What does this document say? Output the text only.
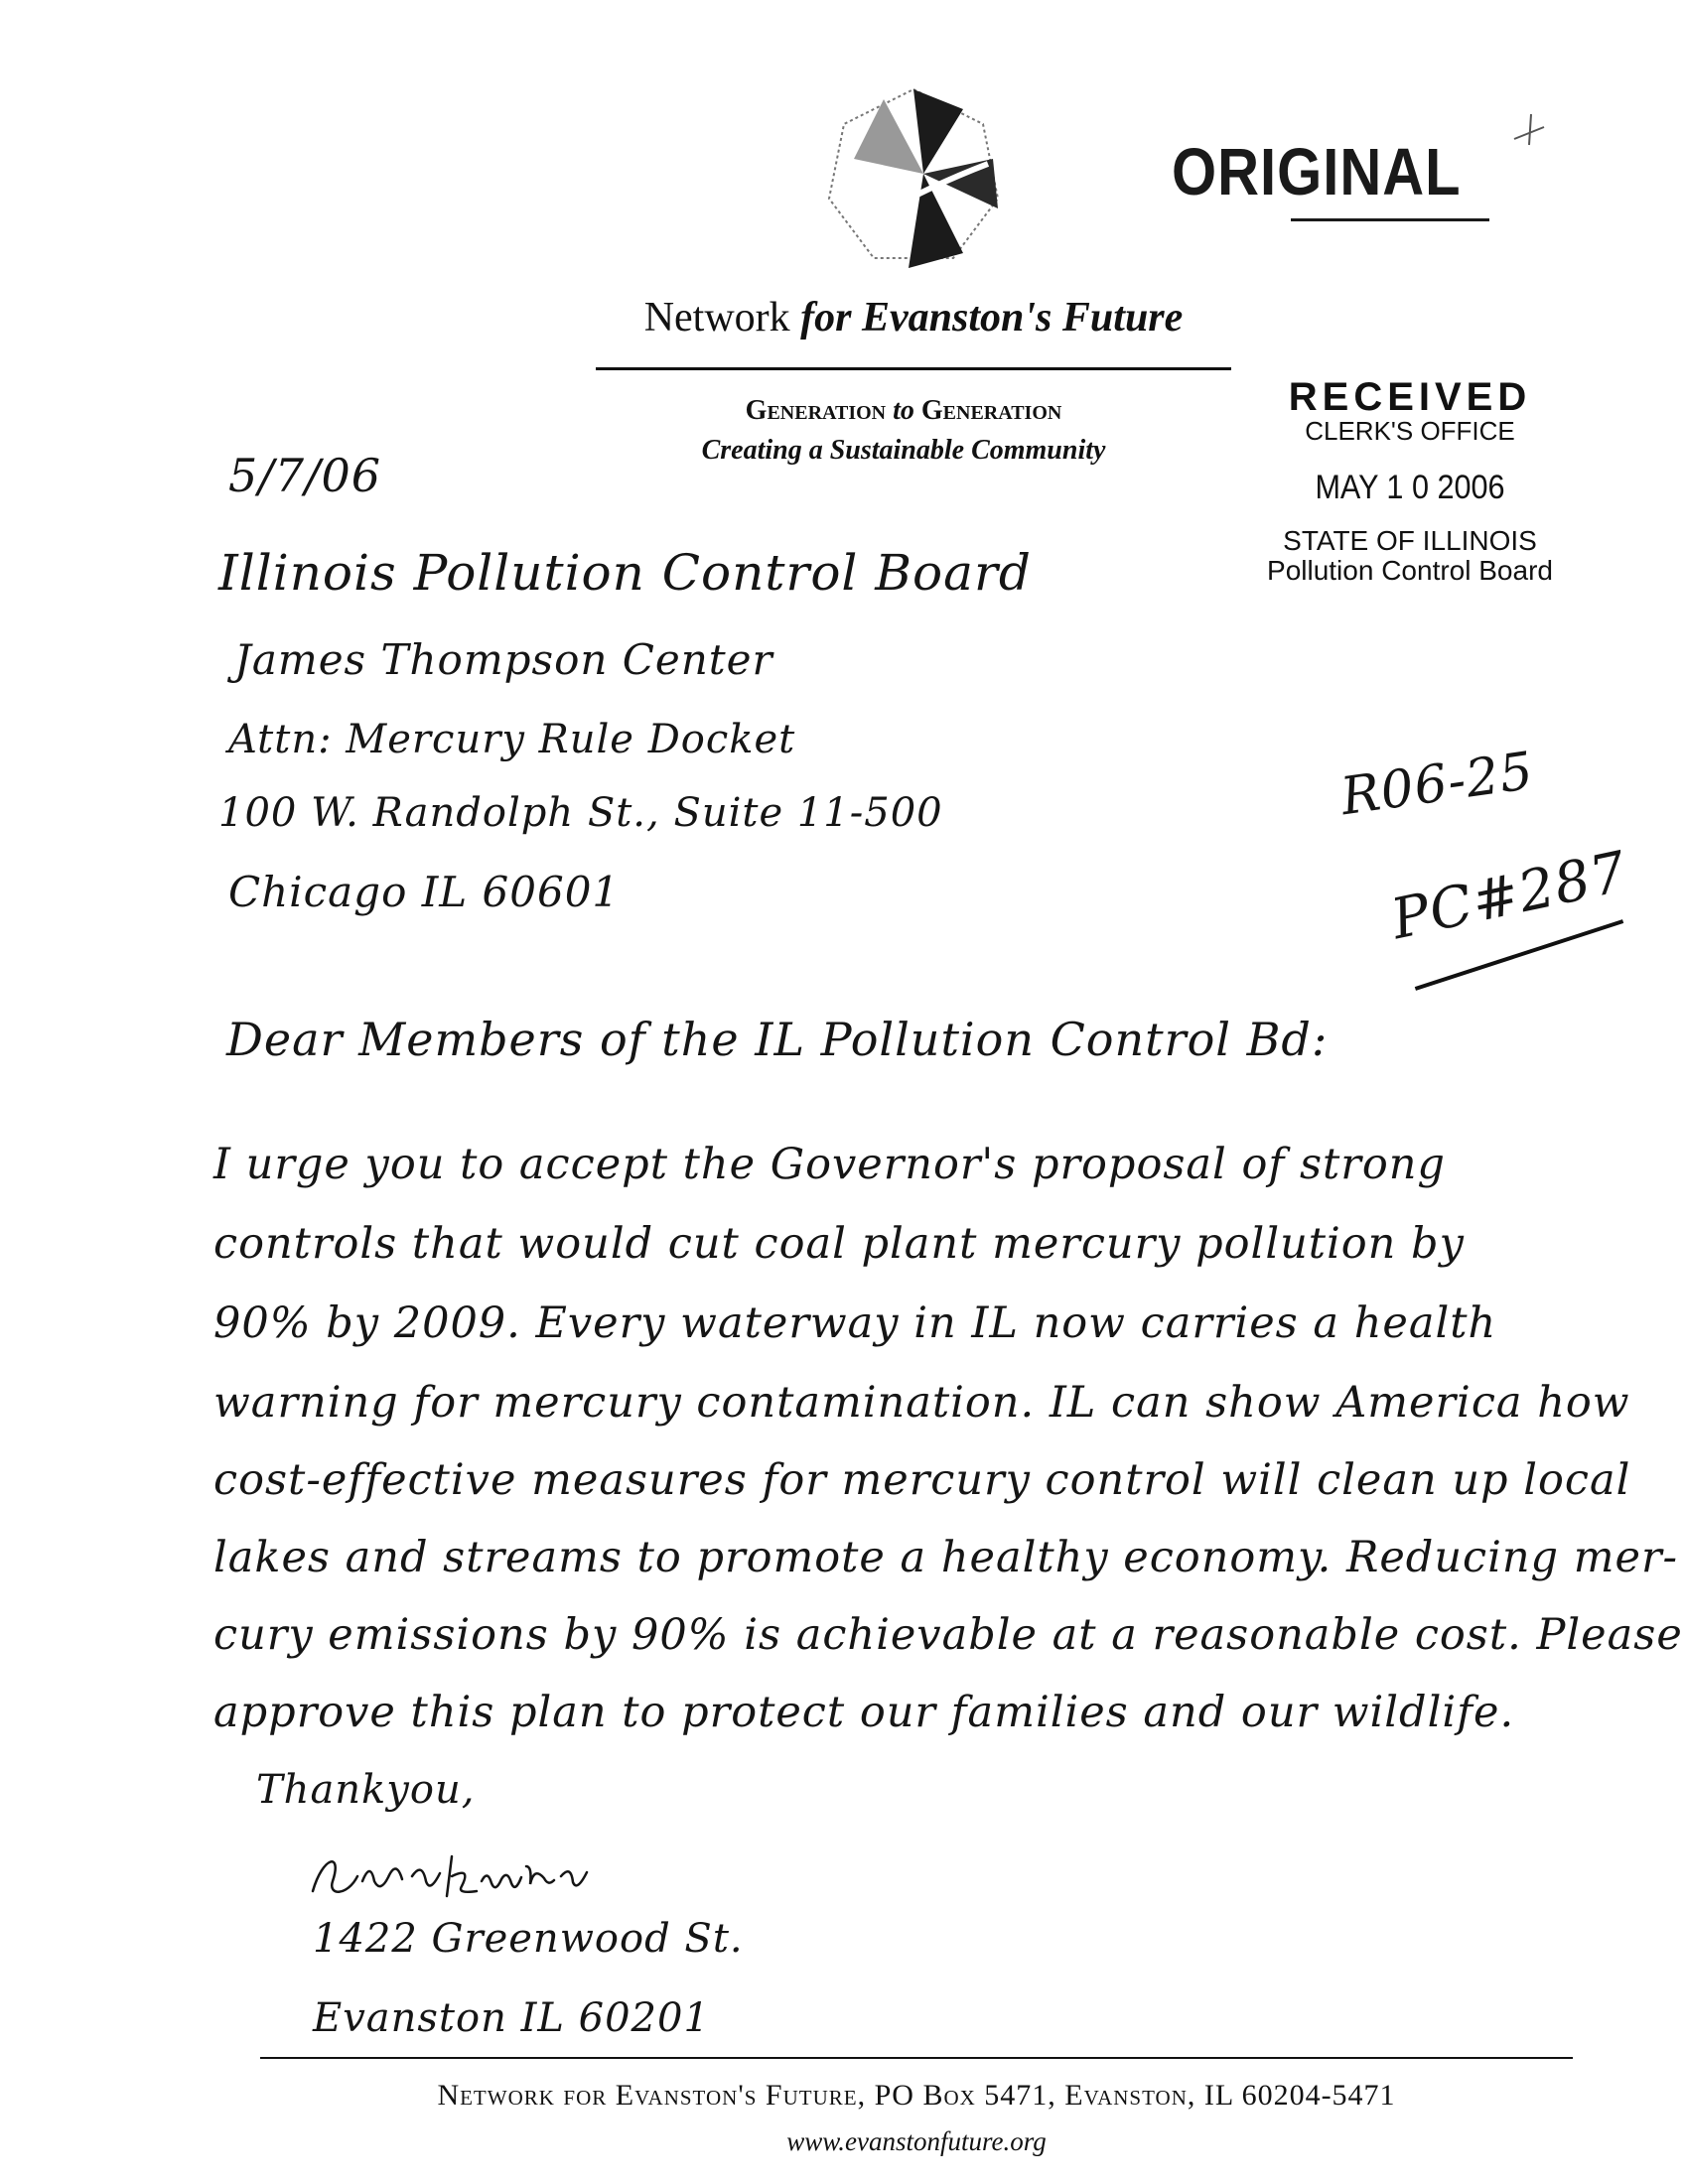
ORIGINAL
Network for Evanston's Future
Generation to Generation
Creating a Sustainable Community
RECEIVED
CLERK'S OFFICE
MAY 1 0 2006
STATE OF ILLINOIS
Pollution Control Board
5/7/06
Illinois Pollution Control Board
James Thompson Center
Attn: Mercury Rule Docket
100 W. Randolph St., Suite 11-500
Chicago IL 60601
R06-25
PC#287
Dear Members of the IL Pollution Control Bd:
I urge you to accept the Governor's proposal of strong
controls that would cut coal plant mercury pollution by
90% by 2009. Every waterway in IL now carries a health
warning for mercury contamination. IL can show America how
cost-effective measures for mercury control will clean up local
lakes and streams to promote a healthy economy. Reducing mer-
cury emissions by 90% is achievable at a reasonable cost. Please
approve this plan to protect our families and our wildlife.
Thankyou,
1422 Greenwood St.
Evanston IL 60201
Network for Evanston's Future, PO Box 5471, Evanston, IL 60204-5471
www.evanstonfuture.org
